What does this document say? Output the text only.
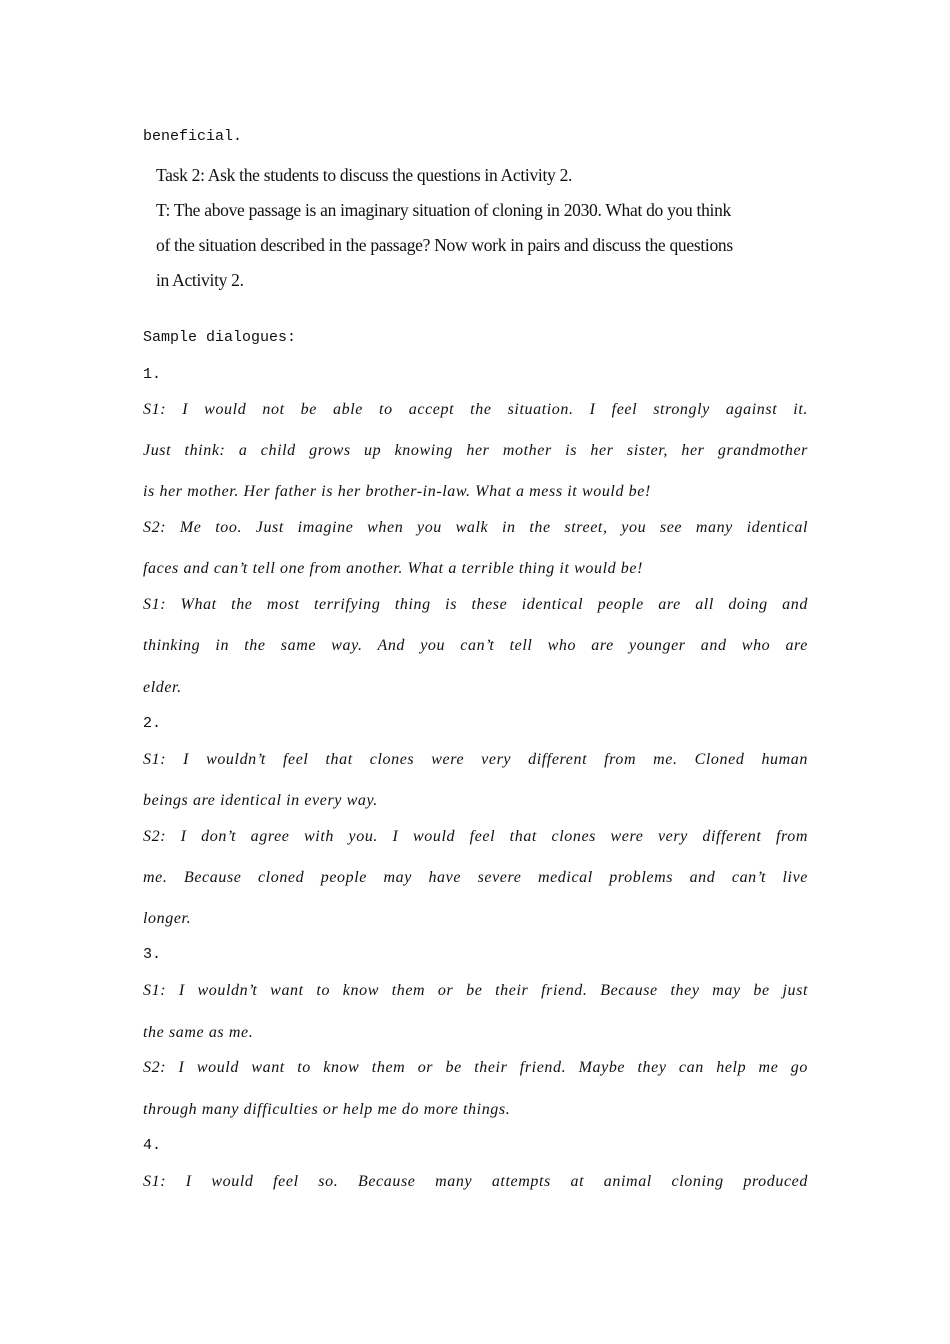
beneficial.
Task 2: Ask the students to discuss the questions in Activity 2.
T: The above passage is an imaginary situation of cloning in 2030. What do you think
of the situation described in the passage? Now work in pairs and discuss the questions
in Activity 2.
Sample dialogues:
1.
S1: I would not be able to accept the situation. I feel strongly against it.
Just think: a child grows up knowing her mother is her sister, her grandmother
is her mother. Her father is her brother-in-law. What a mess it would be!
S2: Me too. Just imagine when you walk in the street, you see many identical
faces and can’t tell one from another. What a terrible thing it would be!
S1: What the most terrifying thing is these identical people are all doing and
thinking in the same way. And you can’t tell who are younger and who are
elder.
2.
S1: I wouldn’t feel that clones were very different from me. Cloned human
beings are identical in every way.
S2: I don’t agree with you. I would feel that clones were very different from
me. Because cloned people may have severe medical problems and can’t live
longer.
3.
S1: I wouldn’t want to know them or be their friend. Because they may be just
the same as me.
S2: I would want to know them or be their friend. Maybe they can help me go
through many difficulties or help me do more things.
4.
S1: I would feel so. Because many attempts at animal cloning produced
